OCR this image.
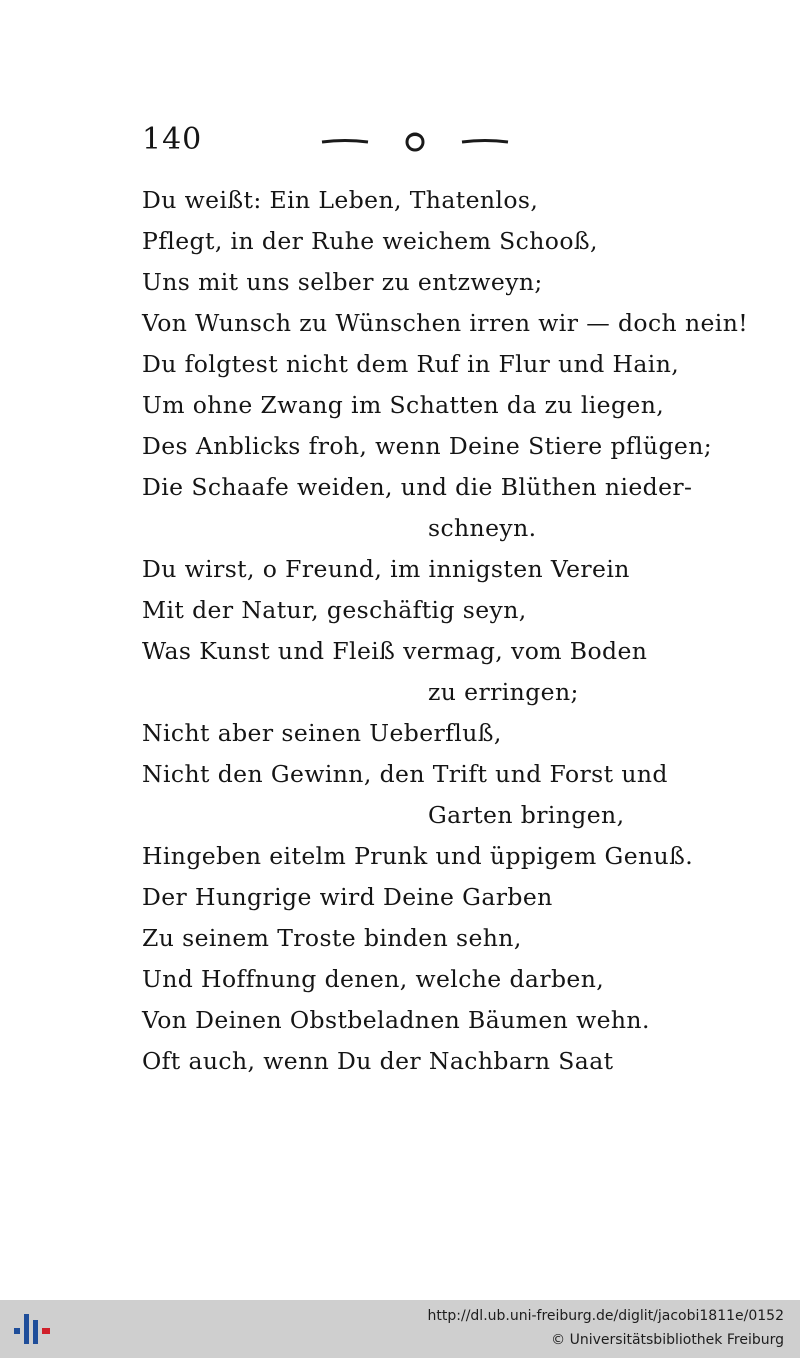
140
Du weißt: Ein Leben, Thatenlos,
Pflegt, in der Ruhe weichem Schooß,
Uns mit uns selber zu entzweyn;
Von Wunsch zu Wünschen irren wir — doch nein!
Du folgtest nicht dem Ruf in Flur und Hain,
Um ohne Zwang im Schatten da zu liegen,
Des Anblicks froh, wenn Deine Stiere pflügen;
Die Schaafe weiden, und die Blüthen nieder-
schneyn.
Du wirst, o Freund, im innigsten Verein
Mit der Natur, geschäftig seyn,
Was Kunst und Fleiß vermag, vom Boden
zu erringen;
Nicht aber seinen Ueberfluß,
Nicht den Gewinn, den Trift und Forst und
Garten bringen,
Hingeben eitelm Prunk und üppigem Genuß.
Der Hungrige wird Deine Garben
Zu seinem Troste binden sehn,
Und Hoffnung denen, welche darben,
Von Deinen Obstbeladnen Bäumen wehn.
Oft auch, wenn Du der Nachbarn Saat
http://dl.ub.uni-freiburg.de/diglit/jacobi1811e/0152
© Universitätsbibliothek Freiburg
